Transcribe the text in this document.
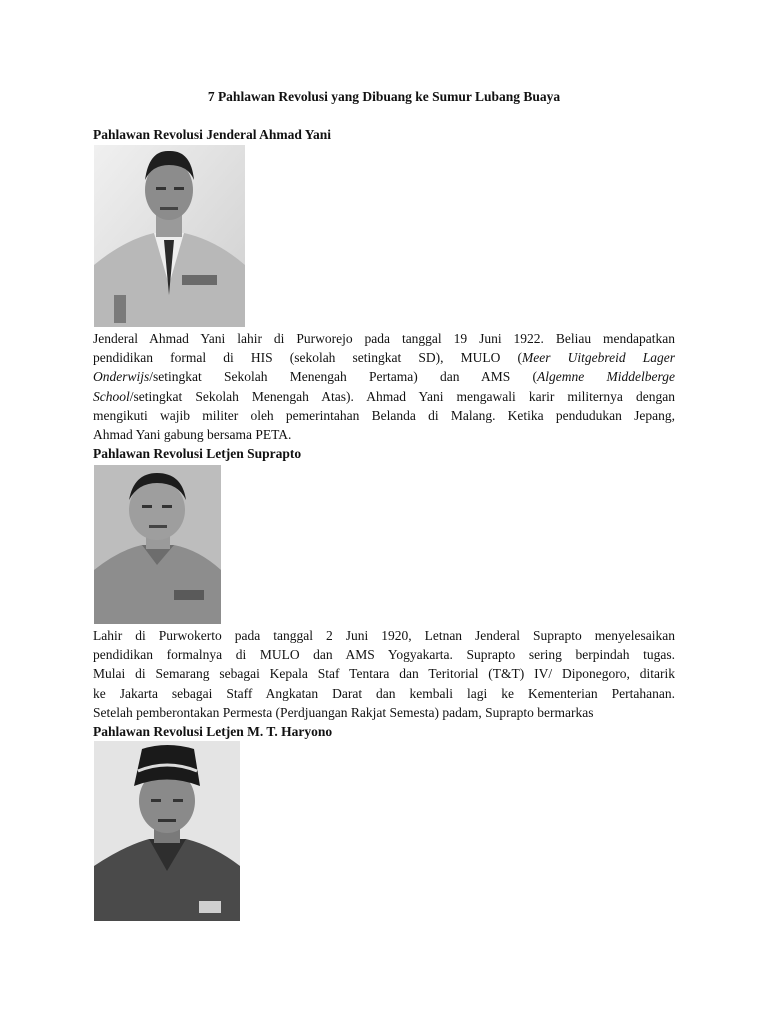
7 Pahlawan Revolusi yang Dibuang ke Sumur Lubang Buaya
Pahlawan Revolusi Jenderal Ahmad Yani
Jenderal Ahmad Yani lahir di Purworejo pada tanggal 19 Juni 1922. Beliau mendapatkan
pendidikan formal di HIS (sekolah setingkat SD), MULO (Meer Uitgebreid Lager
Onderwijs/setingkat Sekolah Menengah Pertama) dan AMS (Algemne Middelberge
School/setingkat Sekolah Menengah Atas). Ahmad Yani mengawali karir militernya dengan
mengikuti wajib militer oleh pemerintahan Belanda di Malang. Ketika pendudukan Jepang,
Ahmad Yani gabung bersama PETA.
Pahlawan Revolusi Letjen Suprapto
Lahir di Purwokerto pada tanggal 2 Juni 1920, Letnan Jenderal Suprapto menyelesaikan
pendidikan formalnya di MULO dan AMS Yogyakarta. Suprapto sering berpindah tugas.
Mulai di Semarang sebagai Kepala Staf Tentara dan Teritorial (T&T) IV/ Diponegoro, ditarik
ke Jakarta sebagai Staff Angkatan Darat dan kembali lagi ke Kementerian Pertahanan.
Setelah pemberontakan Permesta (Perdjuangan Rakjat Semesta) padam, Suprapto bermarkas
Pahlawan Revolusi Letjen M. T. Haryono
